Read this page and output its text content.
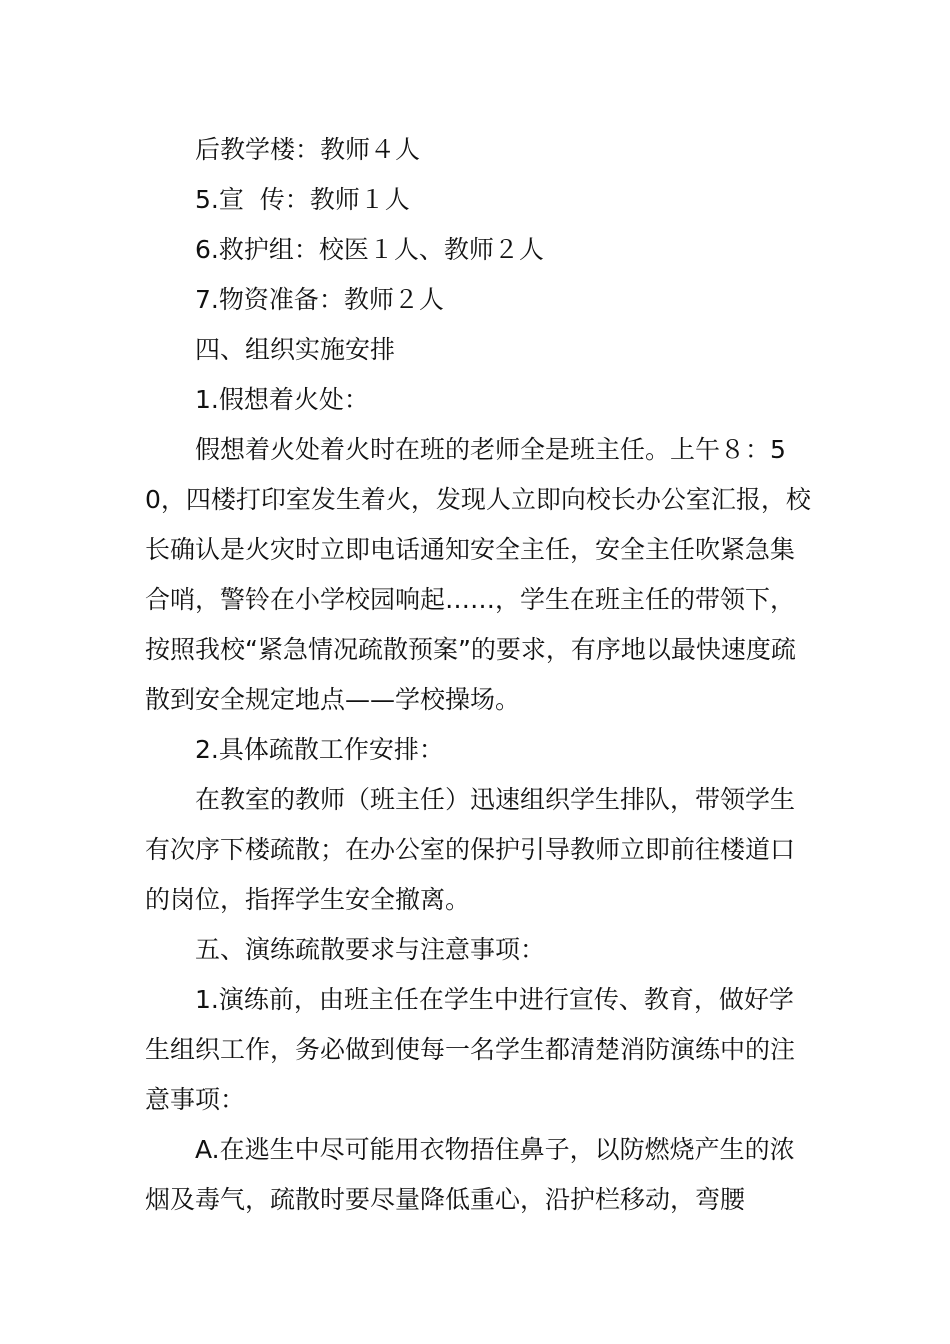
后教学楼：教师４人

5.宣  传：教师１人

6.救护组：校医１人、教师２人

7.物资准备：教师２人

四、组织实施安排

1.假想着火处：

假想着火处着火时在班的老师全是班主任。上午８：50，四楼打印室发生着火，发现人立即向校长办公室汇报，校长确认是火灾时立即电话通知安全主任，安全主任吹紧急集合哨，警铃在小学校园响起……，学生在班主任的带领下，按照我校“紧急情况疏散预案”的要求，有序地以最快速度疏散到安全规定地点——学校操场。

2.具体疏散工作安排：

在教室的教师（班主任）迅速组织学生排队，带领学生有次序下楼疏散；在办公室的保护引导教师立即前往楼道口的岗位，指挥学生安全撤离。

五、演练疏散要求与注意事项：

1.演练前，由班主任在学生中进行宣传、教育，做好学生组织工作，务必做到使每一名学生都清楚消防演练中的注意事项：

A.在逃生中尽可能用衣物捂住鼻子，以防燃烧产生的浓烟及毒气，疏散时要尽量降低重心，沿护栏移动，弯腰
